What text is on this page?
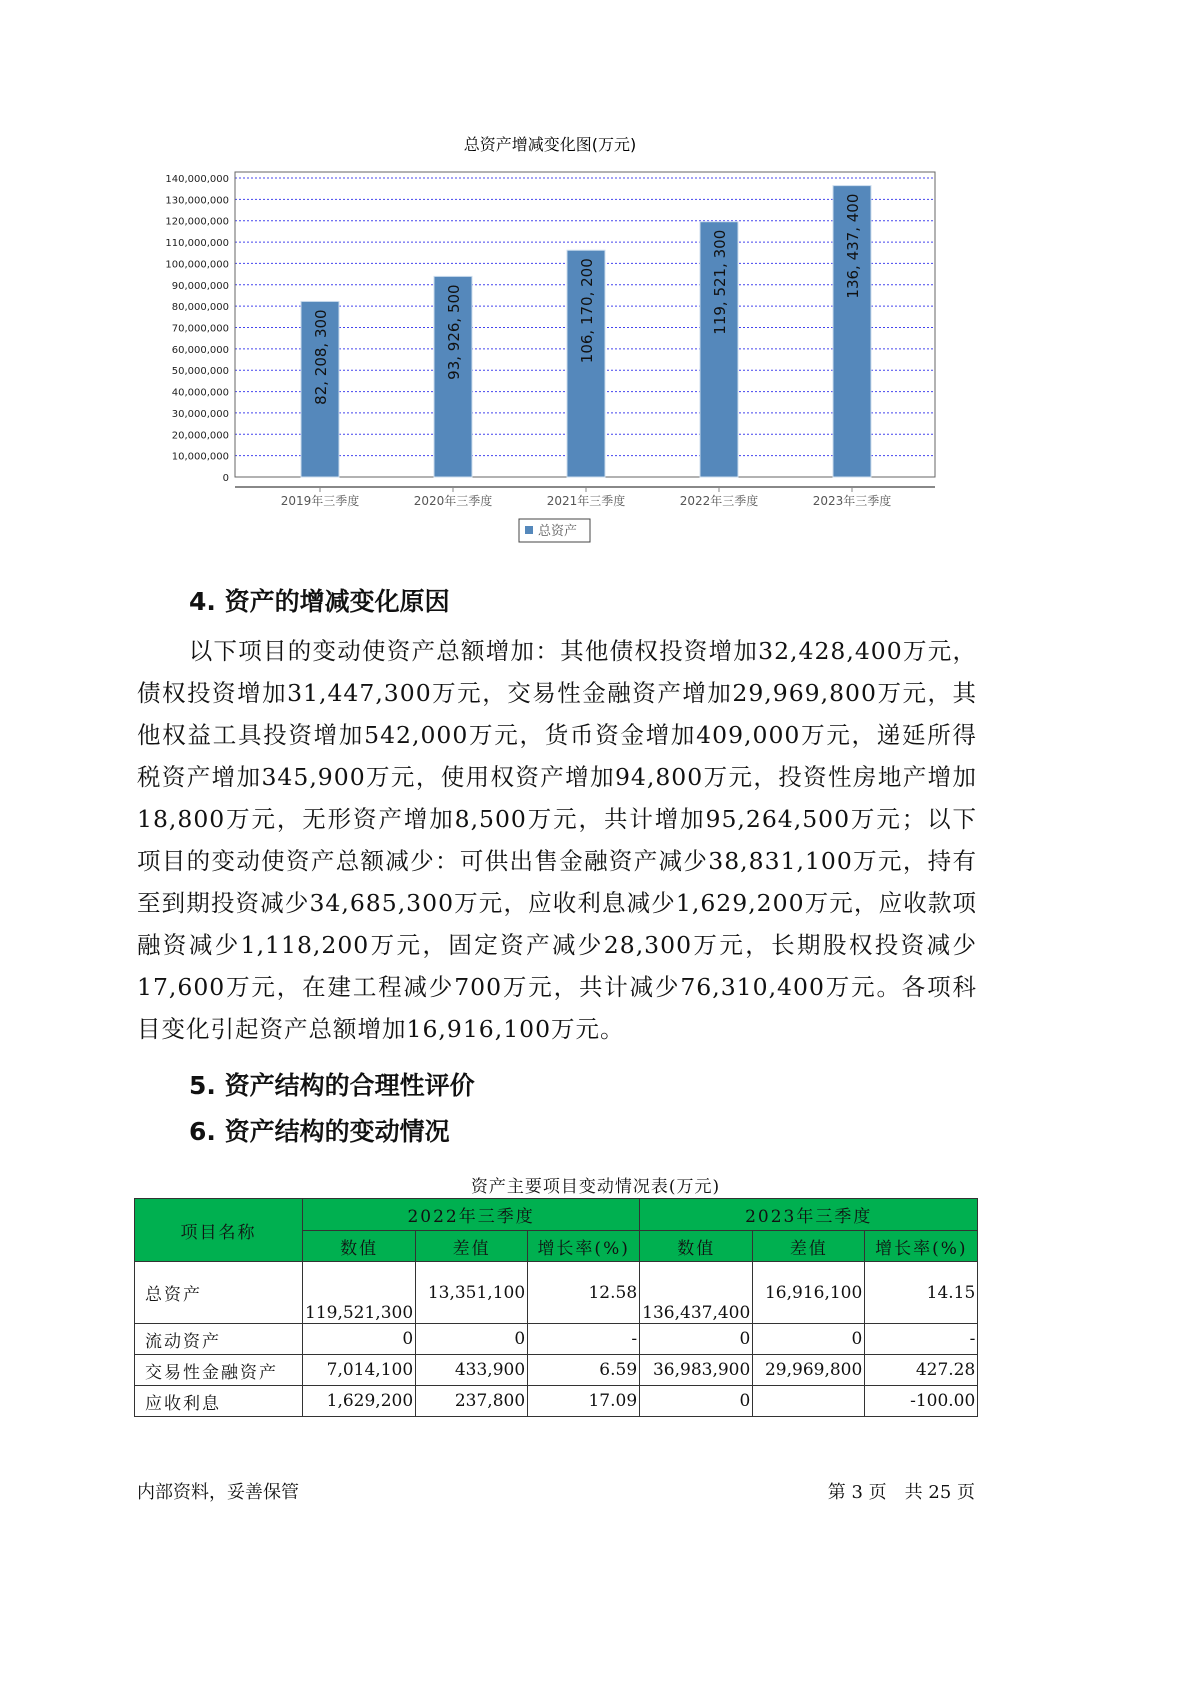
总资产增减变化图(万元)
0
10,000,000
20,000,000
30,000,000
40,000,000
50,000,000
60,000,000
70,000,000
80,000,000
90,000,000
100,000,000
110,000,000
120,000,000
130,000,000
140,000,000
82, 208, 300
2019年三季度
93, 926, 500
2020年三季度
106, 170, 200
2021年三季度
119, 521, 300
2022年三季度
136, 437, 400
2023年三季度
总资产
4. 资产的增减变化原因
以下项目的变动使资产总额增加：其他债权投资增加32,428,400万元，债权投资增加31,447,300万元，交易性金融资产增加29,969,800万元，其他权益工具投资增加542,000万元，货币资金增加409,000万元，递延所得税资产增加345,900万元，使用权资产增加94,800万元，投资性房地产增加18,800万元，无形资产增加8,500万元，共计增加95,264,500万元；以下项目的变动使资产总额减少：可供出售金融资产减少38,831,100万元，持有至到期投资减少34,685,300万元，应收利息减少1,629,200万元，应收款项融资减少1,118,200万元，固定资产减少28,300万元，长期股权投资减少17,600万元，在建工程减少700万元，共计减少76,310,400万元。各项科目变化引起资产总额增加16,916,100万元。
5. 资产结构的合理性评价
6. 资产结构的变动情况
资产主要项目变动情况表(万元)
项目名称	2022年三季度			2023年三季度		
	数值	差值	增长率(%)	数值	差值	增长率(%)
总资产	119,521,300	13,351,100	12.58	136,437,400	16,916,100	14.15
流动资产	0	0	-	0	0	-
交易性金融资产	7,014,100	433,900	6.59	36,983,900	29,969,800	427.28
应收利息	1,629,200	237,800	17.09	0		-100.00
内部资料，妥善保管	第 3 页　共 25 页
